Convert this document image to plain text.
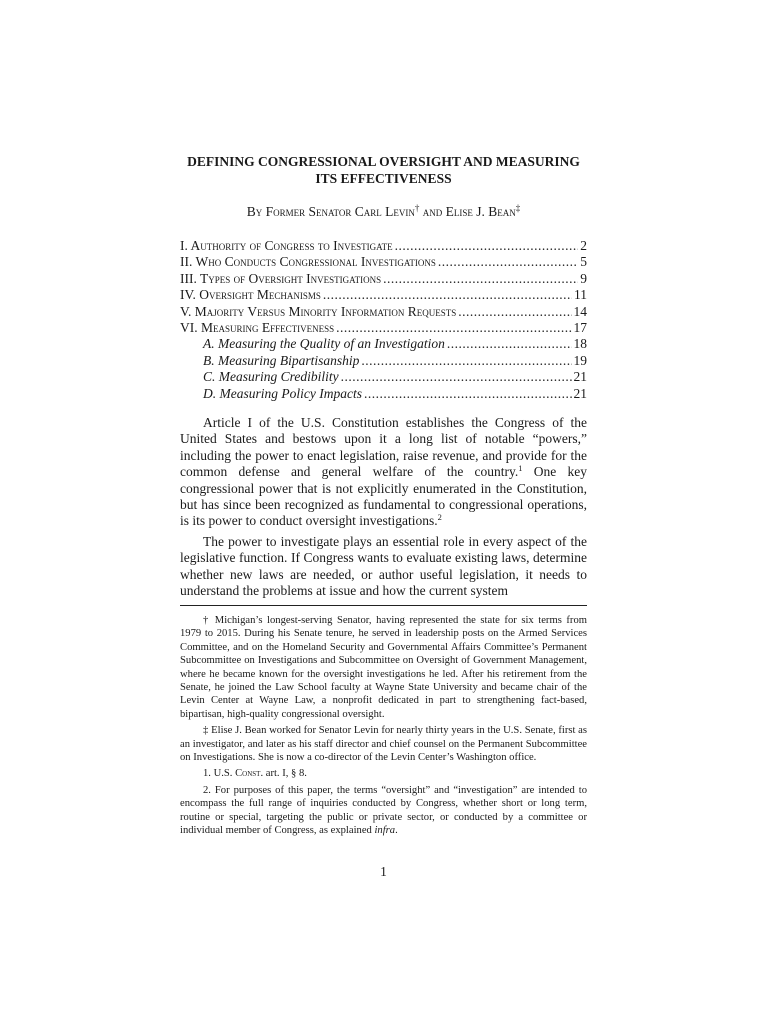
DEFINING CONGRESSIONAL OVERSIGHT AND MEASURING
ITS EFFECTIVENESS
By Former Senator Carl Levin† and Elise J. Bean‡
I. Authority of Congress to Investigate .....	2
II. Who Conducts Congressional Investigations .....	5
III. Types of Oversight Investigations .....	9
IV. Oversight Mechanisms .....	11
V. Majority Versus Minority Information Requests .....	14
VI. Measuring Effectiveness .....	17
A. Measuring the Quality of an Investigation .....	18
B. Measuring Bipartisanship .....	19
C. Measuring Credibility .....	21
D. Measuring Policy Impacts .....	21

Article I of the U.S. Constitution establishes the Congress of the United States and bestows upon it a long list of notable “powers,” including the power to enact legislation, raise revenue, and provide for the common defense and general welfare of the country.$^1$ One key congressional power that is not explicitly enumerated in the Constitution, but has since been recognized as fundamental to congressional operations, is its power to conduct oversight investigations.$^2$

The power to investigate plays an essential role in every aspect of the legislative function. If Congress wants to evaluate existing laws, determine whether new laws are needed, or author useful legislation, it needs to understand the problems at issue and how the current system

† Michigan’s longest-serving Senator, having represented the state for six terms from 1979 to 2015. During his Senate tenure, he served in leadership posts on the Armed Services Committee, and on the Homeland Security and Governmental Affairs Committee’s Permanent Subcommittee on Investigations and Subcommittee on Oversight of Government Management, where he became known for the oversight investigations he led. After his retirement from the Senate, he joined the Law School faculty at Wayne State University and became chair of the Levin Center at Wayne Law, a nonprofit dedicated in part to strengthening fact-based, bipartisan, high-quality congressional oversight.

‡ Elise J. Bean worked for Senator Levin for nearly thirty years in the U.S. Senate, first as an investigator, and later as his staff director and chief counsel on the Permanent Subcommittee on Investigations. She is now a co-director of the Levin Center’s Washington office.

1. U.S. Const. art. I, § 8.

2. For purposes of this paper, the terms “oversight” and “investigation” are intended to encompass the full range of inquiries conducted by Congress, whether short or long term, routine or special, targeting the public or private sector, or conducted by a committee or individual member of Congress, as explained infra.

1
